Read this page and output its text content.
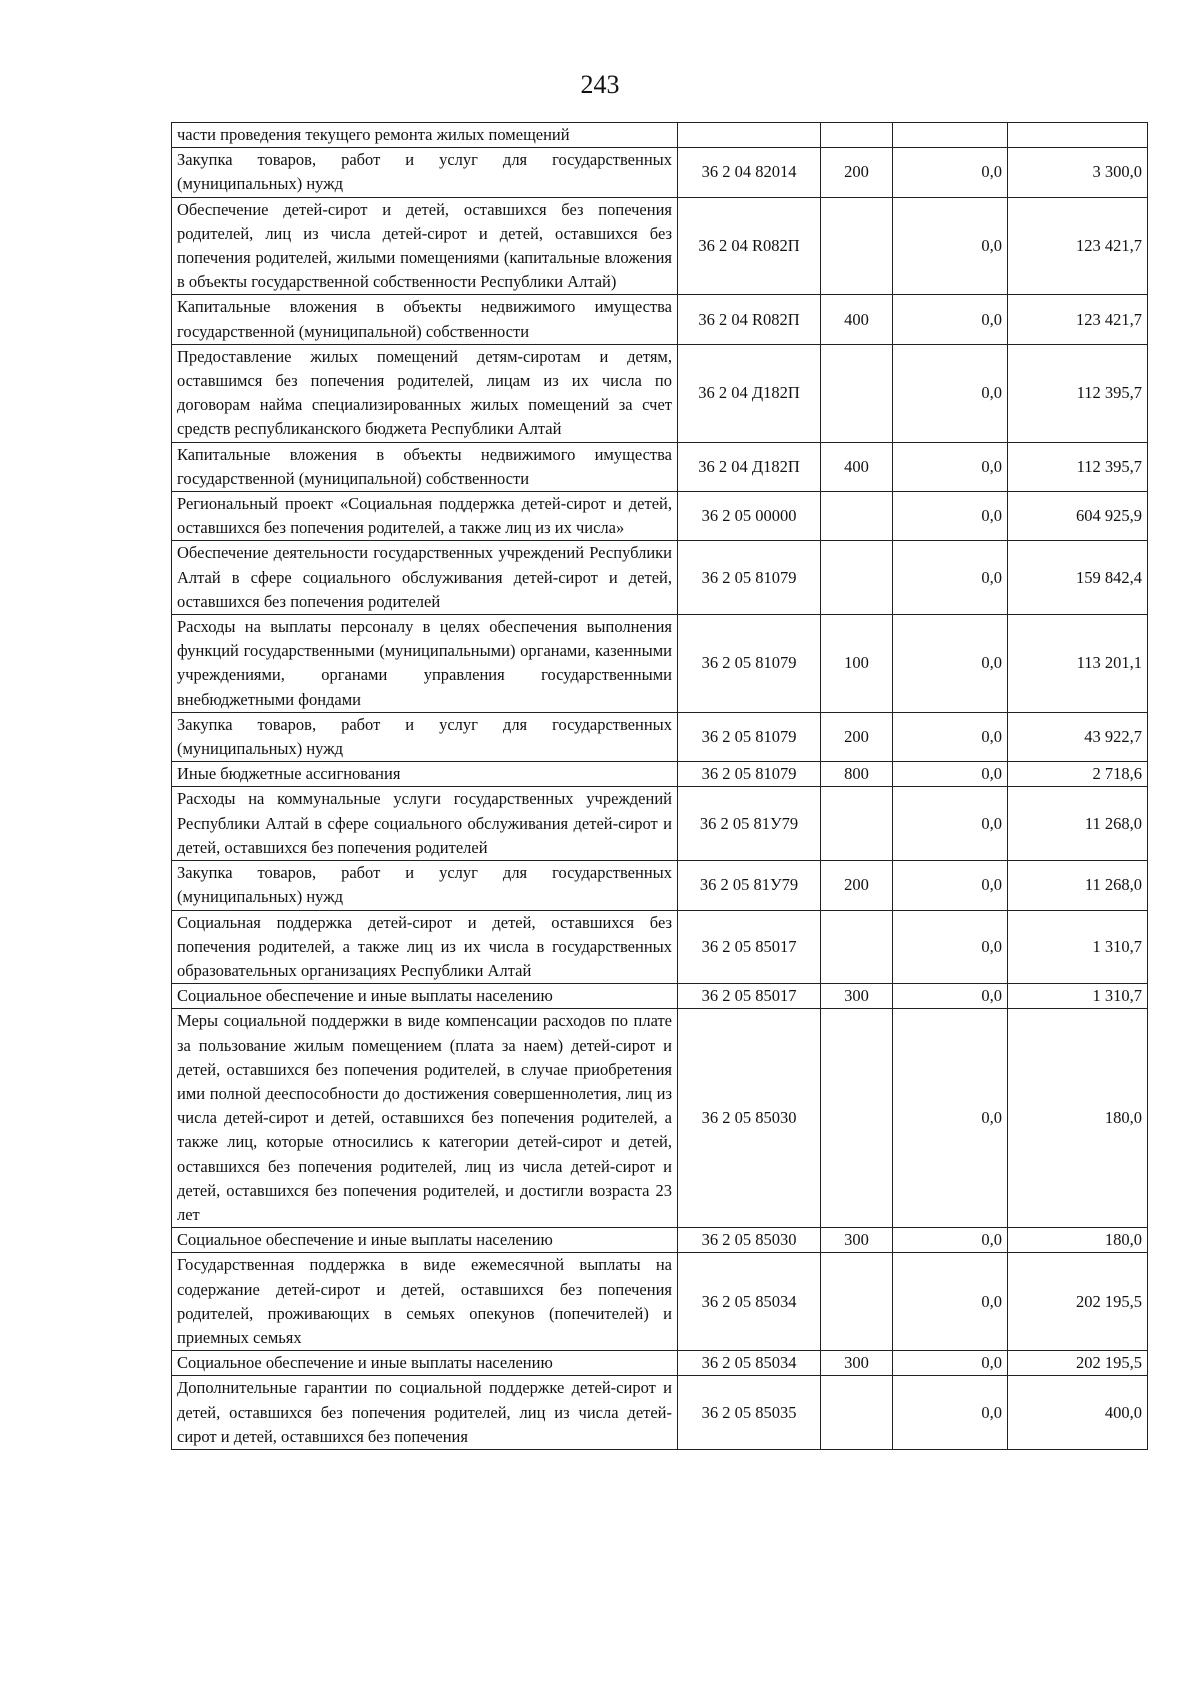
243
части проведения текущего ремонта жилых помещений				
Закупка товаров, работ и услуг для государственных (муниципальных) нужд	36 2 04 82014	200	0,0	3 300,0
Обеспечение детей-сирот и детей, оставшихся без попечения родителей, лиц из числа детей-сирот и детей, оставшихся без попечения родителей, жилыми помещениями (капитальные вложения в объекты государственной собственности Республики Алтай)	36 2 04 R082П		0,0	123 421,7
Капитальные вложения в объекты недвижимого имущества государственной (муниципальной) собственности	36 2 04 R082П	400	0,0	123 421,7
Предоставление жилых помещений детям-сиротам и детям, оставшимся без попечения родителей, лицам из их числа по договорам найма специализированных жилых помещений за счет средств республиканского бюджета Республики Алтай	36 2 04 Д182П		0,0	112 395,7
Капитальные вложения в объекты недвижимого имущества государственной (муниципальной) собственности	36 2 04 Д182П	400	0,0	112 395,7
Региональный проект «Социальная поддержка детей-сирот и детей, оставшихся без попечения родителей, а также лиц из их числа»	36 2 05 00000		0,0	604 925,9
Обеспечение деятельности государственных учреждений Республики Алтай в сфере социального обслуживания детей-сирот и детей, оставшихся без попечения родителей	36 2 05 81079		0,0	159 842,4
Расходы на выплаты персоналу в целях обеспечения выполнения функций государственными (муниципальными) органами, казенными учреждениями, органами управления государственными внебюджетными фондами	36 2 05 81079	100	0,0	113 201,1
Закупка товаров, работ и услуг для государственных (муниципальных) нужд	36 2 05 81079	200	0,0	43 922,7
Иные бюджетные ассигнования	36 2 05 81079	800	0,0	2 718,6
Расходы на коммунальные услуги государственных учреждений Республики Алтай в сфере социального обслуживания детей-сирот и детей, оставшихся без попечения родителей	36 2 05 81У79		0,0	11 268,0
Закупка товаров, работ и услуг для государственных (муниципальных) нужд	36 2 05 81У79	200	0,0	11 268,0
Социальная поддержка детей-сирот и детей, оставшихся без попечения родителей, а также лиц из их числа в государственных образовательных организациях Республики Алтай	36 2 05 85017		0,0	1 310,7
Социальное обеспечение и иные выплаты населению	36 2 05 85017	300	0,0	1 310,7
Меры социальной поддержки в виде компенсации расходов по плате за пользование жилым помещением (плата за наем) детей-сирот и детей, оставшихся без попечения родителей, в случае приобретения ими полной дееспособности до достижения совершеннолетия, лиц из числа детей-сирот и детей, оставшихся без попечения родителей, а также лиц, которые относились к категории детей-сирот и детей, оставшихся без попечения родителей, лиц из числа детей-сирот и детей, оставшихся без попечения родителей, и достигли возраста 23 лет	36 2 05 85030		0,0	180,0
Социальное обеспечение и иные выплаты населению	36 2 05 85030	300	0,0	180,0
Государственная поддержка в виде ежемесячной выплаты на содержание детей-сирот и детей, оставшихся без попечения родителей, проживающих в семьях опекунов (попечителей) и приемных семьях	36 2 05 85034		0,0	202 195,5
Социальное обеспечение и иные выплаты населению	36 2 05 85034	300	0,0	202 195,5
Дополнительные гарантии по социальной поддержке детей-сирот и детей, оставшихся без попечения родителей, лиц из числа детей-сирот и детей, оставшихся без попечения	36 2 05 85035		0,0	400,0
